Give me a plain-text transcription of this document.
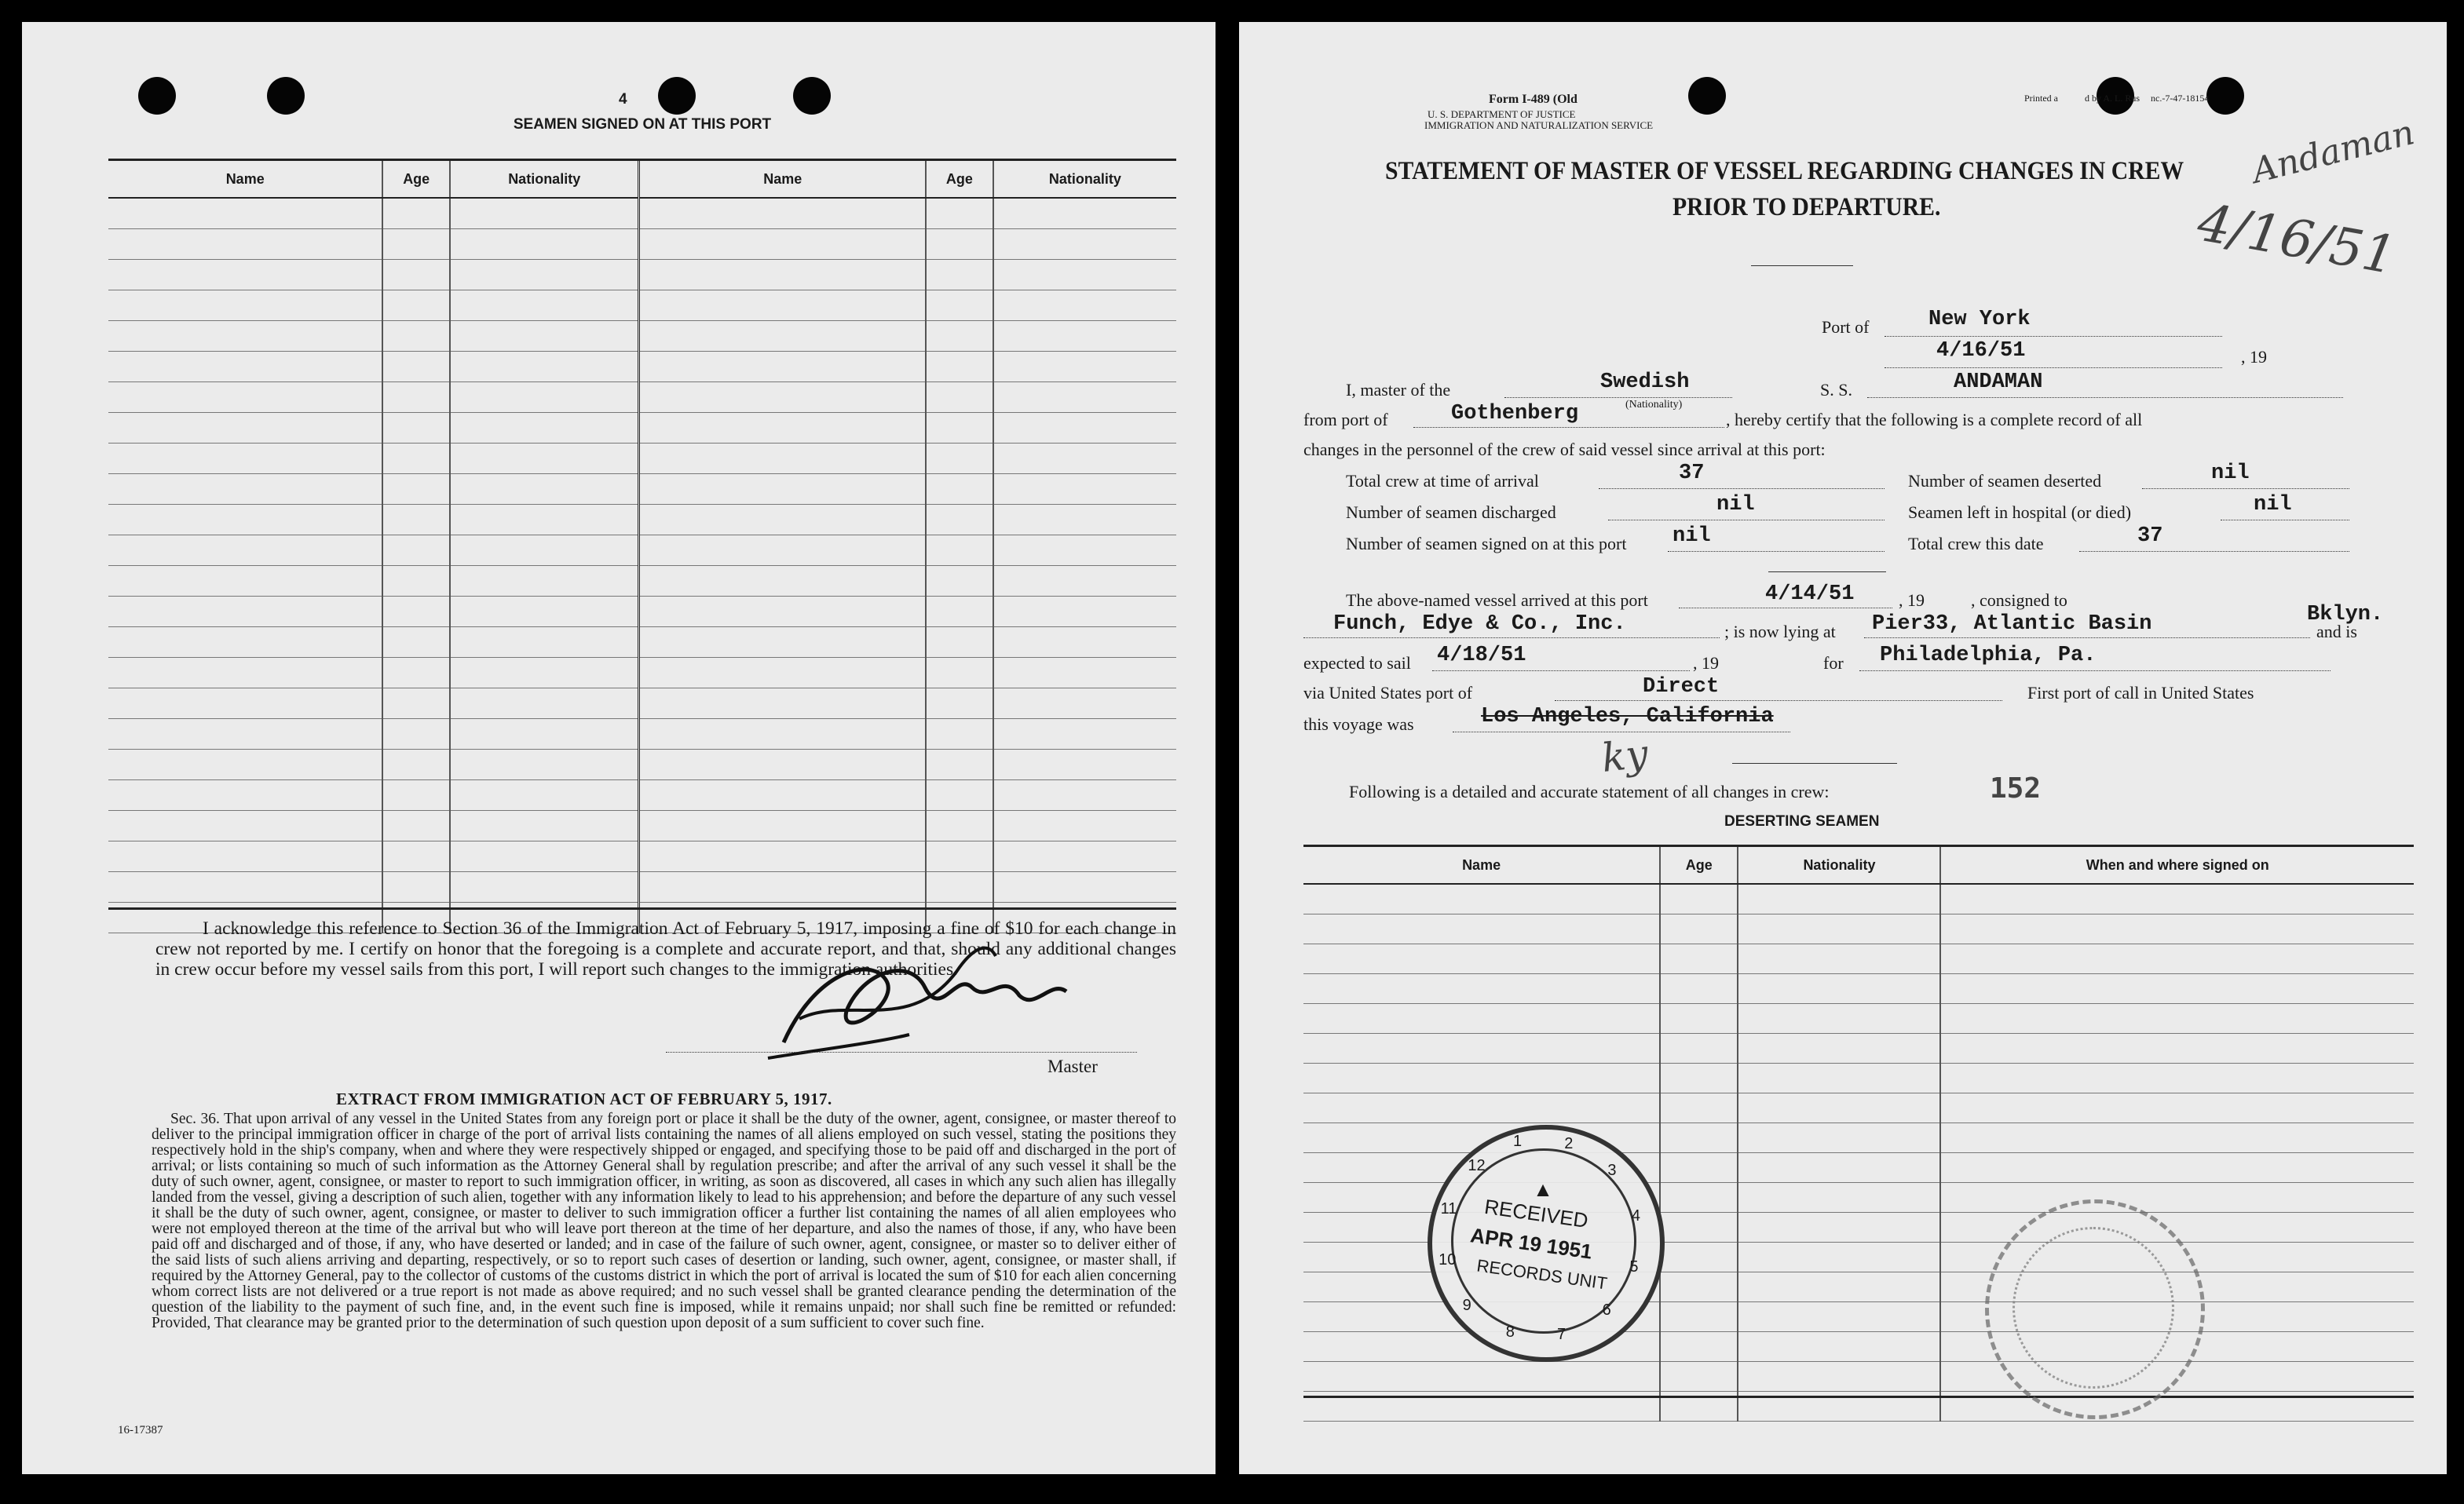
4
SEAMEN SIGNED ON AT THIS PORT
Name	Age	Nationality	Name	Age	Nationality

I acknowledge this reference to Section 36 of the Immigration Act of February 5, 1917, imposing a fine of $10 for each change in crew not reported by me. I certify on honor that the foregoing is a complete and accurate report, and that, should any additional changes in crew occur before my vessel sails from this port, I will report such changes to the immigration authorities.
Master
EXTRACT FROM IMMIGRATION ACT OF FEBRUARY 5, 1917.
Sec. 36. That upon arrival of any vessel in the United States from any foreign port or place it shall be the duty of the owner, agent, consignee, or master thereof to deliver to the principal immigration officer in charge of the port of arrival lists containing the names of all aliens employed on such vessel, stating the positions they respectively hold in the ship's company, when and where they were respectively shipped or engaged, and specifying those to be paid off and discharged in the port of arrival; or lists containing so much of such information as the Attorney General shall by regulation prescribe; and after the arrival of any such vessel it shall be the duty of such owner, agent, consignee, or master to report to such immigration officer, in writing, as soon as discovered, all cases in which any such alien has illegally landed from the vessel, giving a description of such alien, together with any information likely to lead to his apprehension; and before the departure of any such vessel it shall be the duty of such owner, agent, consignee, or master to deliver to such immigration officer a further list containing the names of all alien employees who were not employed thereon at the time of the arrival but who will leave port thereon at the time of her departure, and also the names of those, if any, who have been paid off and discharged and of those, if any, who have deserted or landed; and in case of the failure of such owner, agent, consignee, or master so to deliver either of the said lists of such aliens arriving and departing, respectively, or so to report such cases of desertion or landing, such owner, agent, consignee, or master shall, if required by the Attorney General, pay to the collector of customs of the customs district in which the port of arrival is located the sum of $10 for each alien concerning whom correct lists are not delivered or a true report is not made as above required; and no such vessel shall be granted clearance pending the determination of the question of the liability to the payment of such fine, and, in the event such fine is imposed, while it remains unpaid; nor shall such fine be remitted or refunded: Provided, That clearance may be granted prior to the determination of such question upon deposit of a sum sufficient to cover such fine.
16-17387
Form I-489 (Old
U. S. DEPARTMENT OF JUSTICE
IMMIGRATION AND NATURALIZATION SERVICE
Printed a	d by A. L. Rus nc.-7-47-18154
STATEMENT OF MASTER OF VESSEL REGARDING CHANGES IN CREW
PRIOR TO DEPARTURE.
Andaman
4/16/51
Port of	New York
4/16/51	, 19
I, master of the	Swedish
(Nationality)
S. S.	ANDAMAN
from port of	Gothenberg	, hereby certify that the following is a complete record of all
changes in the personnel of the crew of said vessel since arrival at this port:
Total crew at time of arrival	37	Number of seamen deserted	nil
Number of seamen discharged	nil	Seamen left in hospital (or died)	nil
Number of seamen signed on at this port nil	Total crew this date	37
The above-named vessel arrived at this port	4/14/51	, 19	, consigned to
Funch, Edye & Co., Inc.	; is now lying at Pier33, Atlantic Basin	Bklyn.
and is
expected to sail 4/18/51	, 19	for Philadelphia, Pa.
via United States port of	Direct	First port of call in United States
this voyage was	Los Angeles, California
ky
Following is a detailed and accurate statement of all changes in crew:	152
DESERTING SEAMEN
Name	Age	Nationality	When and where signed on

2
3
4
5
6
7
8
9
10
11
12
1
▲
RECEIVED
APR 19 1951
RECORDS UNIT
